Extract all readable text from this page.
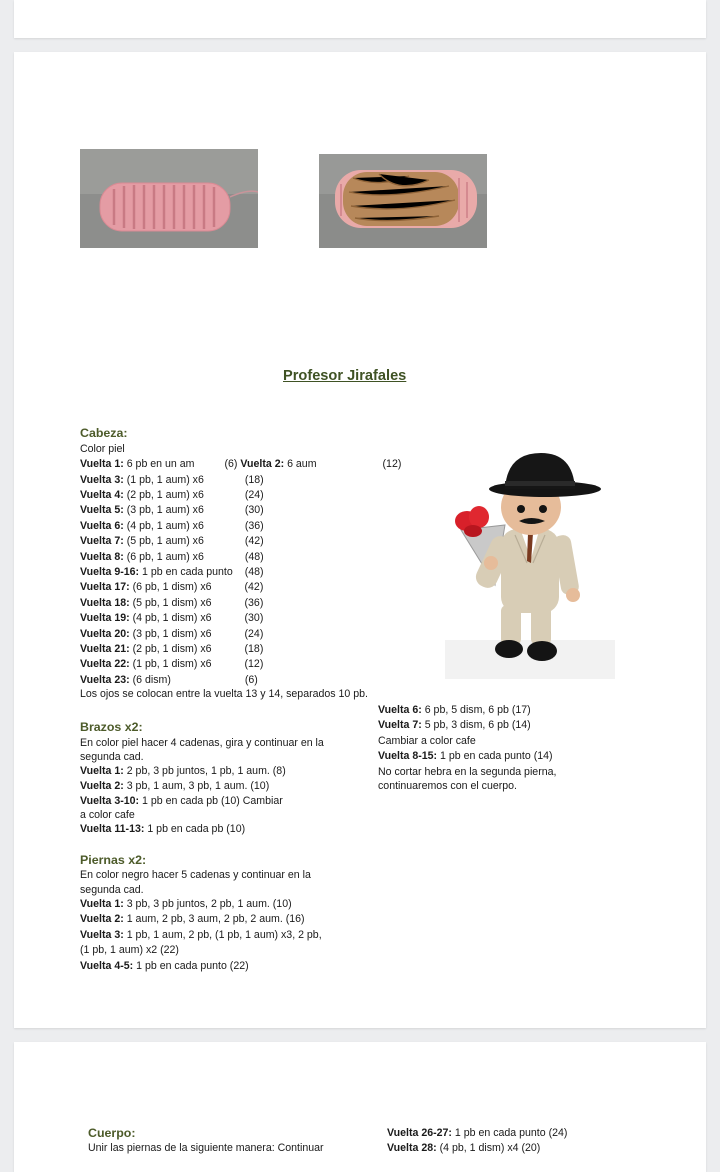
Profesor Jirafales
Cabeza:
Color piel
Vuelta 1: 6 pb en un am	(6) Vuelta 2: 6 aum	(12)
Vuelta 3: (1 pb, 1 aum) x6	(18)
Vuelta 4: (2 pb, 1 aum) x6	(24)
Vuelta 5: (3 pb, 1 aum) x6	(30)
Vuelta 6: (4 pb, 1 aum) x6	(36)
Vuelta 7: (5 pb, 1 aum) x6	(42)
Vuelta 8: (6 pb, 1 aum) x6	(48)
Vuelta 9-16: 1 pb en cada punto (48)
Vuelta 17: (6 pb, 1 dism) x6	(42)
Vuelta 18: (5 pb, 1 dism) x6	(36)
Vuelta 19: (4 pb, 1 dism) x6	(30)
Vuelta 20: (3 pb, 1 dism) x6	(24)
Vuelta 21: (2 pb, 1 dism) x6	(18)
Vuelta 22: (1 pb, 1 dism) x6	(12)
Vuelta 23: (6 dism)	(6)
Los ojos se colocan entre la vuelta 13 y 14, separados 10 pb.
Vuelta 6: 6 pb, 5 dism, 6 pb (17)
Vuelta 7: 5 pb, 3 dism, 6 pb (14)
Cambiar a color cafe
Vuelta 8-15: 1 pb en cada punto (14)
No cortar hebra en la segunda pierna,
continuaremos con el cuerpo.
Brazos x2:
En color piel hacer 4 cadenas, gira y continuar en la
segunda cad.
Vuelta 1: 2 pb, 3 pb juntos, 1 pb, 1 aum. (8)
Vuelta 2: 3 pb, 1 aum, 3 pb, 1 aum. (10)
Vuelta 3-10: 1 pb en cada pb (10) Cambiar
a color cafe
Vuelta 11-13: 1 pb en cada pb (10)
Piernas x2:
En color negro hacer 5 cadenas y continuar en la
segunda cad.
Vuelta 1: 3 pb, 3 pb juntos, 2 pb, 1 aum. (10)
Vuelta 2: 1 aum, 2 pb, 3 aum, 2 pb, 2 aum. (16)
Vuelta 3: 1 pb, 1 aum, 2 pb, (1 pb, 1 aum) x3, 2 pb,
(1 pb, 1 aum) x2 (22)
Vuelta 4-5: 1 pb en cada punto (22)
Cuerpo:
Unir las piernas de la siguiente manera: Continuar
Vuelta 26-27: 1 pb en cada punto (24)
Vuelta 28: (4 pb, 1 dism) x4 (20)
